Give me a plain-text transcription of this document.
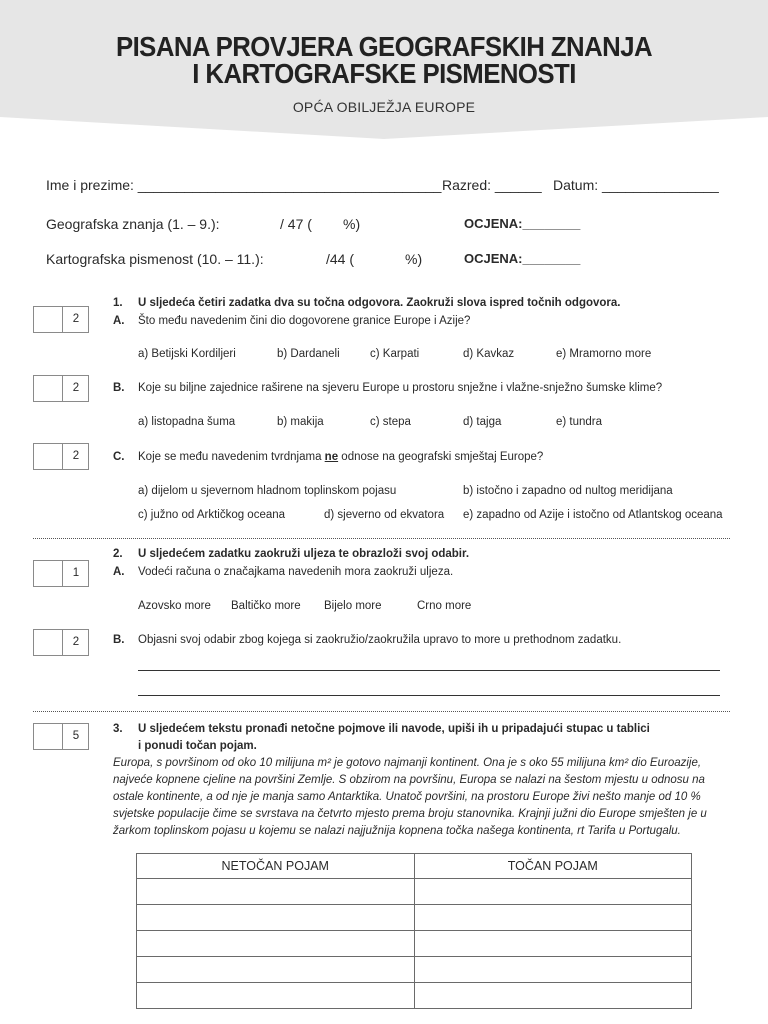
PISANA PROVJERA GEOGRAFSKIH ZNANJA
I KARTOGRAFSKE PISMENOSTI
OPĆA OBILJEŽJA EUROPE
Ime i prezime: _______________________________________ Razred: ______ Datum: _______________
Geografska znanja (1. – 9.):	/ 47 ( %)	OCJENA:________
Kartografska pismenost (10. – 11.):	/44 (	%)	OCJENA:________
1. U sljedeća četiri zadatka dva su točna odgovora. Zaokruži slova ispred točnih odgovora.
2	A. Što među navedenim čini dio dogovorene granice Europe i Azije?
a) Betijski Kordiljeri	b) Dardaneli	c) Karpati	d) Kavkaz	e) Mramorno more
2	B. Koje su biljne zajednice raširene na sjeveru Europe u prostoru snježne i vlažne-snježno šumske klime?
a) listopadna šuma	b) makija	c) stepa	d) tajga	e) tundra
2	C. Koje se među navedenim tvrdnjama ne odnose na geografski smještaj Europe?
a) dijelom u sjevernom hladnom toplinskom pojasu	b) istočno i zapadno od nultog meridijana
c) južno od Arktičkog oceana	d) sjeverno od ekvatora e) zapadno od Azije i istočno od Atlantskog oceana
2. U sljedećem zadatku zaokruži uljeza te obrazloži svoj odabir.
1	A. Vodeći računa o značajkama navedenih mora zaokruži uljeza.
Azovsko more Baltičko more Bijelo more	Crno more
2	B. Objasni svoj odabir zbog kojega si zaokružio/zaokružila upravo to more u prethodnom zadatku.
5
3. U sljedećem tekstu pronađi netočne pojmove ili navode, upiši ih u pripadajući stupac u tablici
i ponudi točan pojam.
Europa, s površinom od oko 10 milijuna m² je gotovo najmanji kontinent. Ona je s oko 55 milijuna km² dio Euroazije,
najveće kopnene cjeline na površini Zemlje. S obzirom na površinu, Europa se nalazi na šestom mjestu u odnosu na
ostale kontinente, a od nje je manja samo Antarktika. Unatoč površini, na prostoru Europe živi nešto manje od 10 %
svjetske populacije čime se svrstava na četvrto mjesto prema broju stanovnika. Krajnji južni dio Europe smješten je u
žarkom toplinskom pojasu u kojemu se nalazi najjužnija kopnena točka našega kontinenta, rt Tarifa u Portugalu.
NETOČAN POJAM	TOČAN POJAM
